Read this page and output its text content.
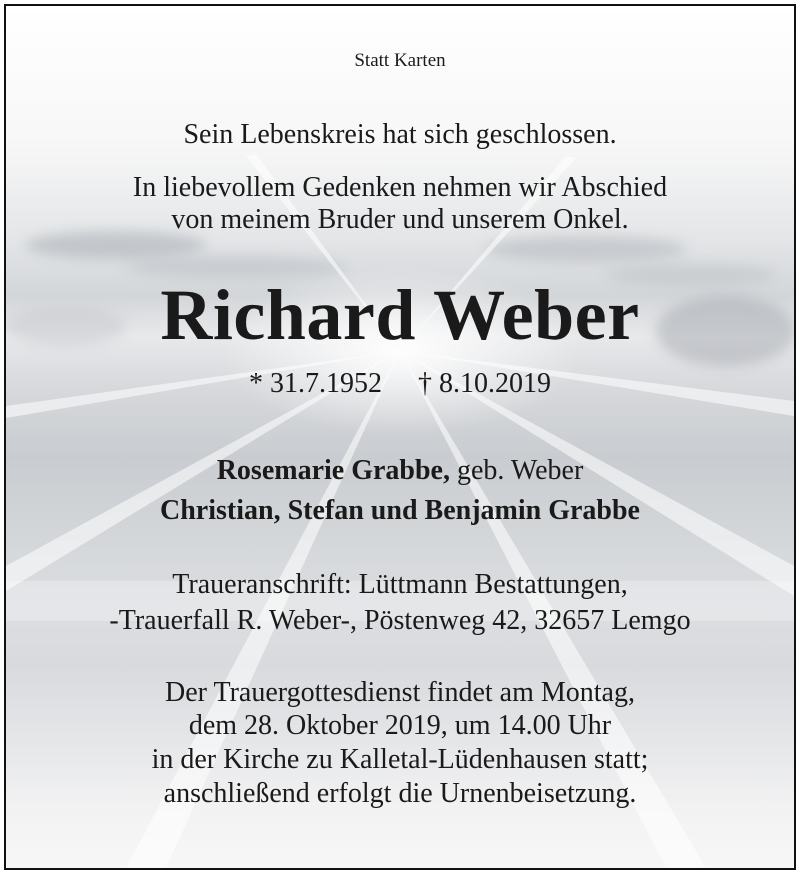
Statt Karten
Sein Lebenskreis hat sich geschlossen.
In liebevollem Gedenken nehmen wir Abschied
von meinem Bruder und unserem Onkel.
Richard Weber
* 31.7.1952 † 8.10.2019
Rosemarie Grabbe, geb. Weber
Christian, Stefan und Benjamin Grabbe
Traueranschrift: Lüttmann Bestattungen,
-Trauerfall R. Weber-, Pöstenweg 42, 32657 Lemgo
Der Trauergottesdienst findet am Montag,
dem 28. Oktober 2019, um 14.00 Uhr
in der Kirche zu Kalletal-Lüdenhausen statt;
anschließend erfolgt die Urnenbeisetzung.
